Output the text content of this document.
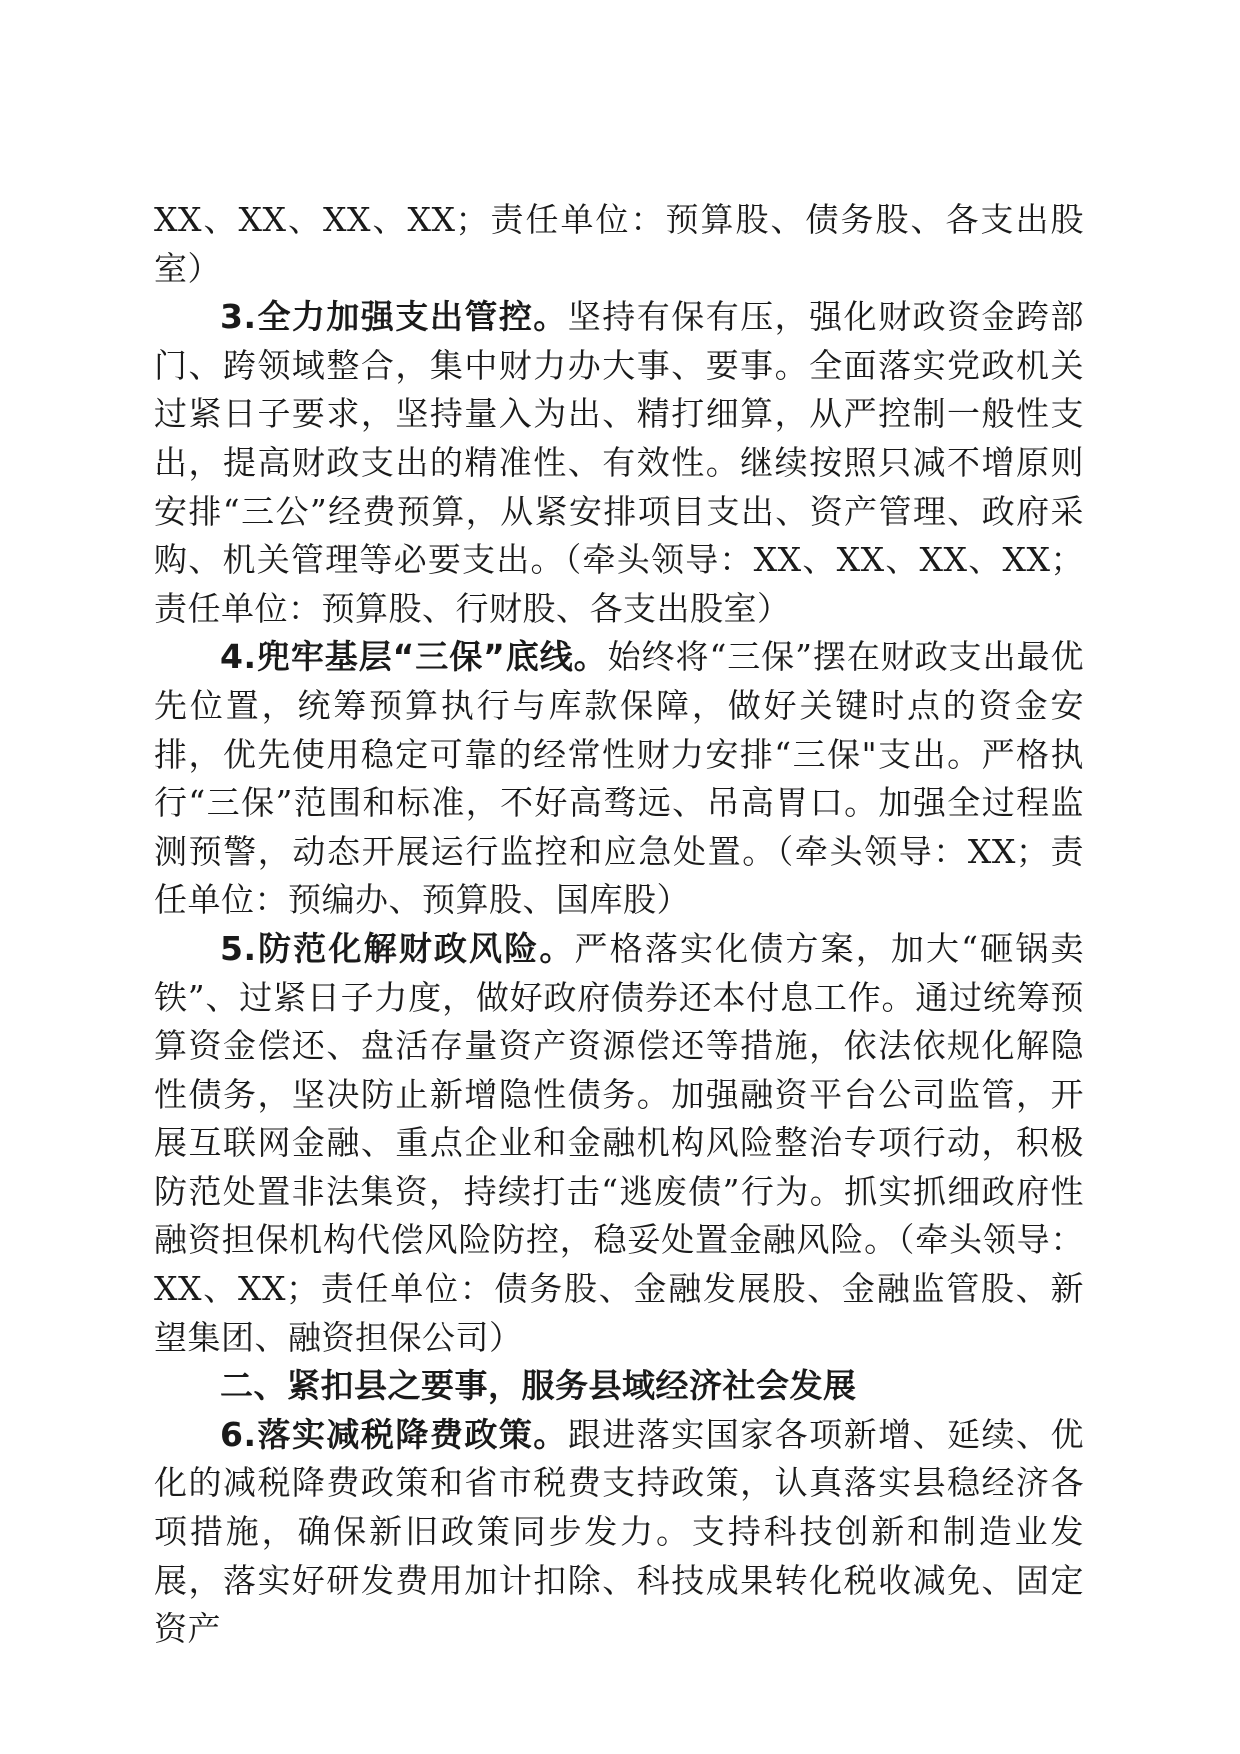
XX、XX、XX、XX；责任单位：预算股、债务股、各支出股室）

3.全力加强支出管控。坚持有保有压，强化财政资金跨部门、跨领域整合，集中财力办大事、要事。全面落实党政机关过紧日子要求，坚持量入为出、精打细算，从严控制一般性支出，提高财政支出的精准性、有效性。继续按照只减不增原则安排“三公”经费预算，从紧安排项目支出、资产管理、政府采购、机关管理等必要支出。（牵头领导：XX、XX、XX、XX；责任单位：预算股、行财股、各支出股室）

4.兜牢基层“三保”底线。始终将“三保”摆在财政支出最优先位置，统筹预算执行与库款保障，做好关键时点的资金安排，优先使用稳定可靠的经常性财力安排“三保"支出。严格执行“三保”范围和标准，不好高骛远、吊高胃口。加强全过程监测预警，动态开展运行监控和应急处置。（牵头领导：XX；责任单位：预编办、预算股、国库股）

5.防范化解财政风险。严格落实化债方案，加大“砸锅卖铁”、过紧日子力度，做好政府债券还本付息工作。通过统筹预算资金偿还、盘活存量资产资源偿还等措施，依法依规化解隐性债务，坚决防止新增隐性债务。加强融资平台公司监管，开展互联网金融、重点企业和金融机构风险整治专项行动，积极防范处置非法集资，持续打击“逃废债”行为。抓实抓细政府性融资担保机构代偿风险防控，稳妥处置金融风险。（牵头领导：XX、XX；责任单位：债务股、金融发展股、金融监管股、新望集团、融资担保公司）

二、紧扣县之要事，服务县域经济社会发展

6.落实减税降费政策。跟进落实国家各项新增、延续、优化的减税降费政策和省市税费支持政策，认真落实县稳经济各项措施，确保新旧政策同步发力。支持科技创新和制造业发展，落实好研发费用加计扣除、科技成果转化税收减免、固定资产
